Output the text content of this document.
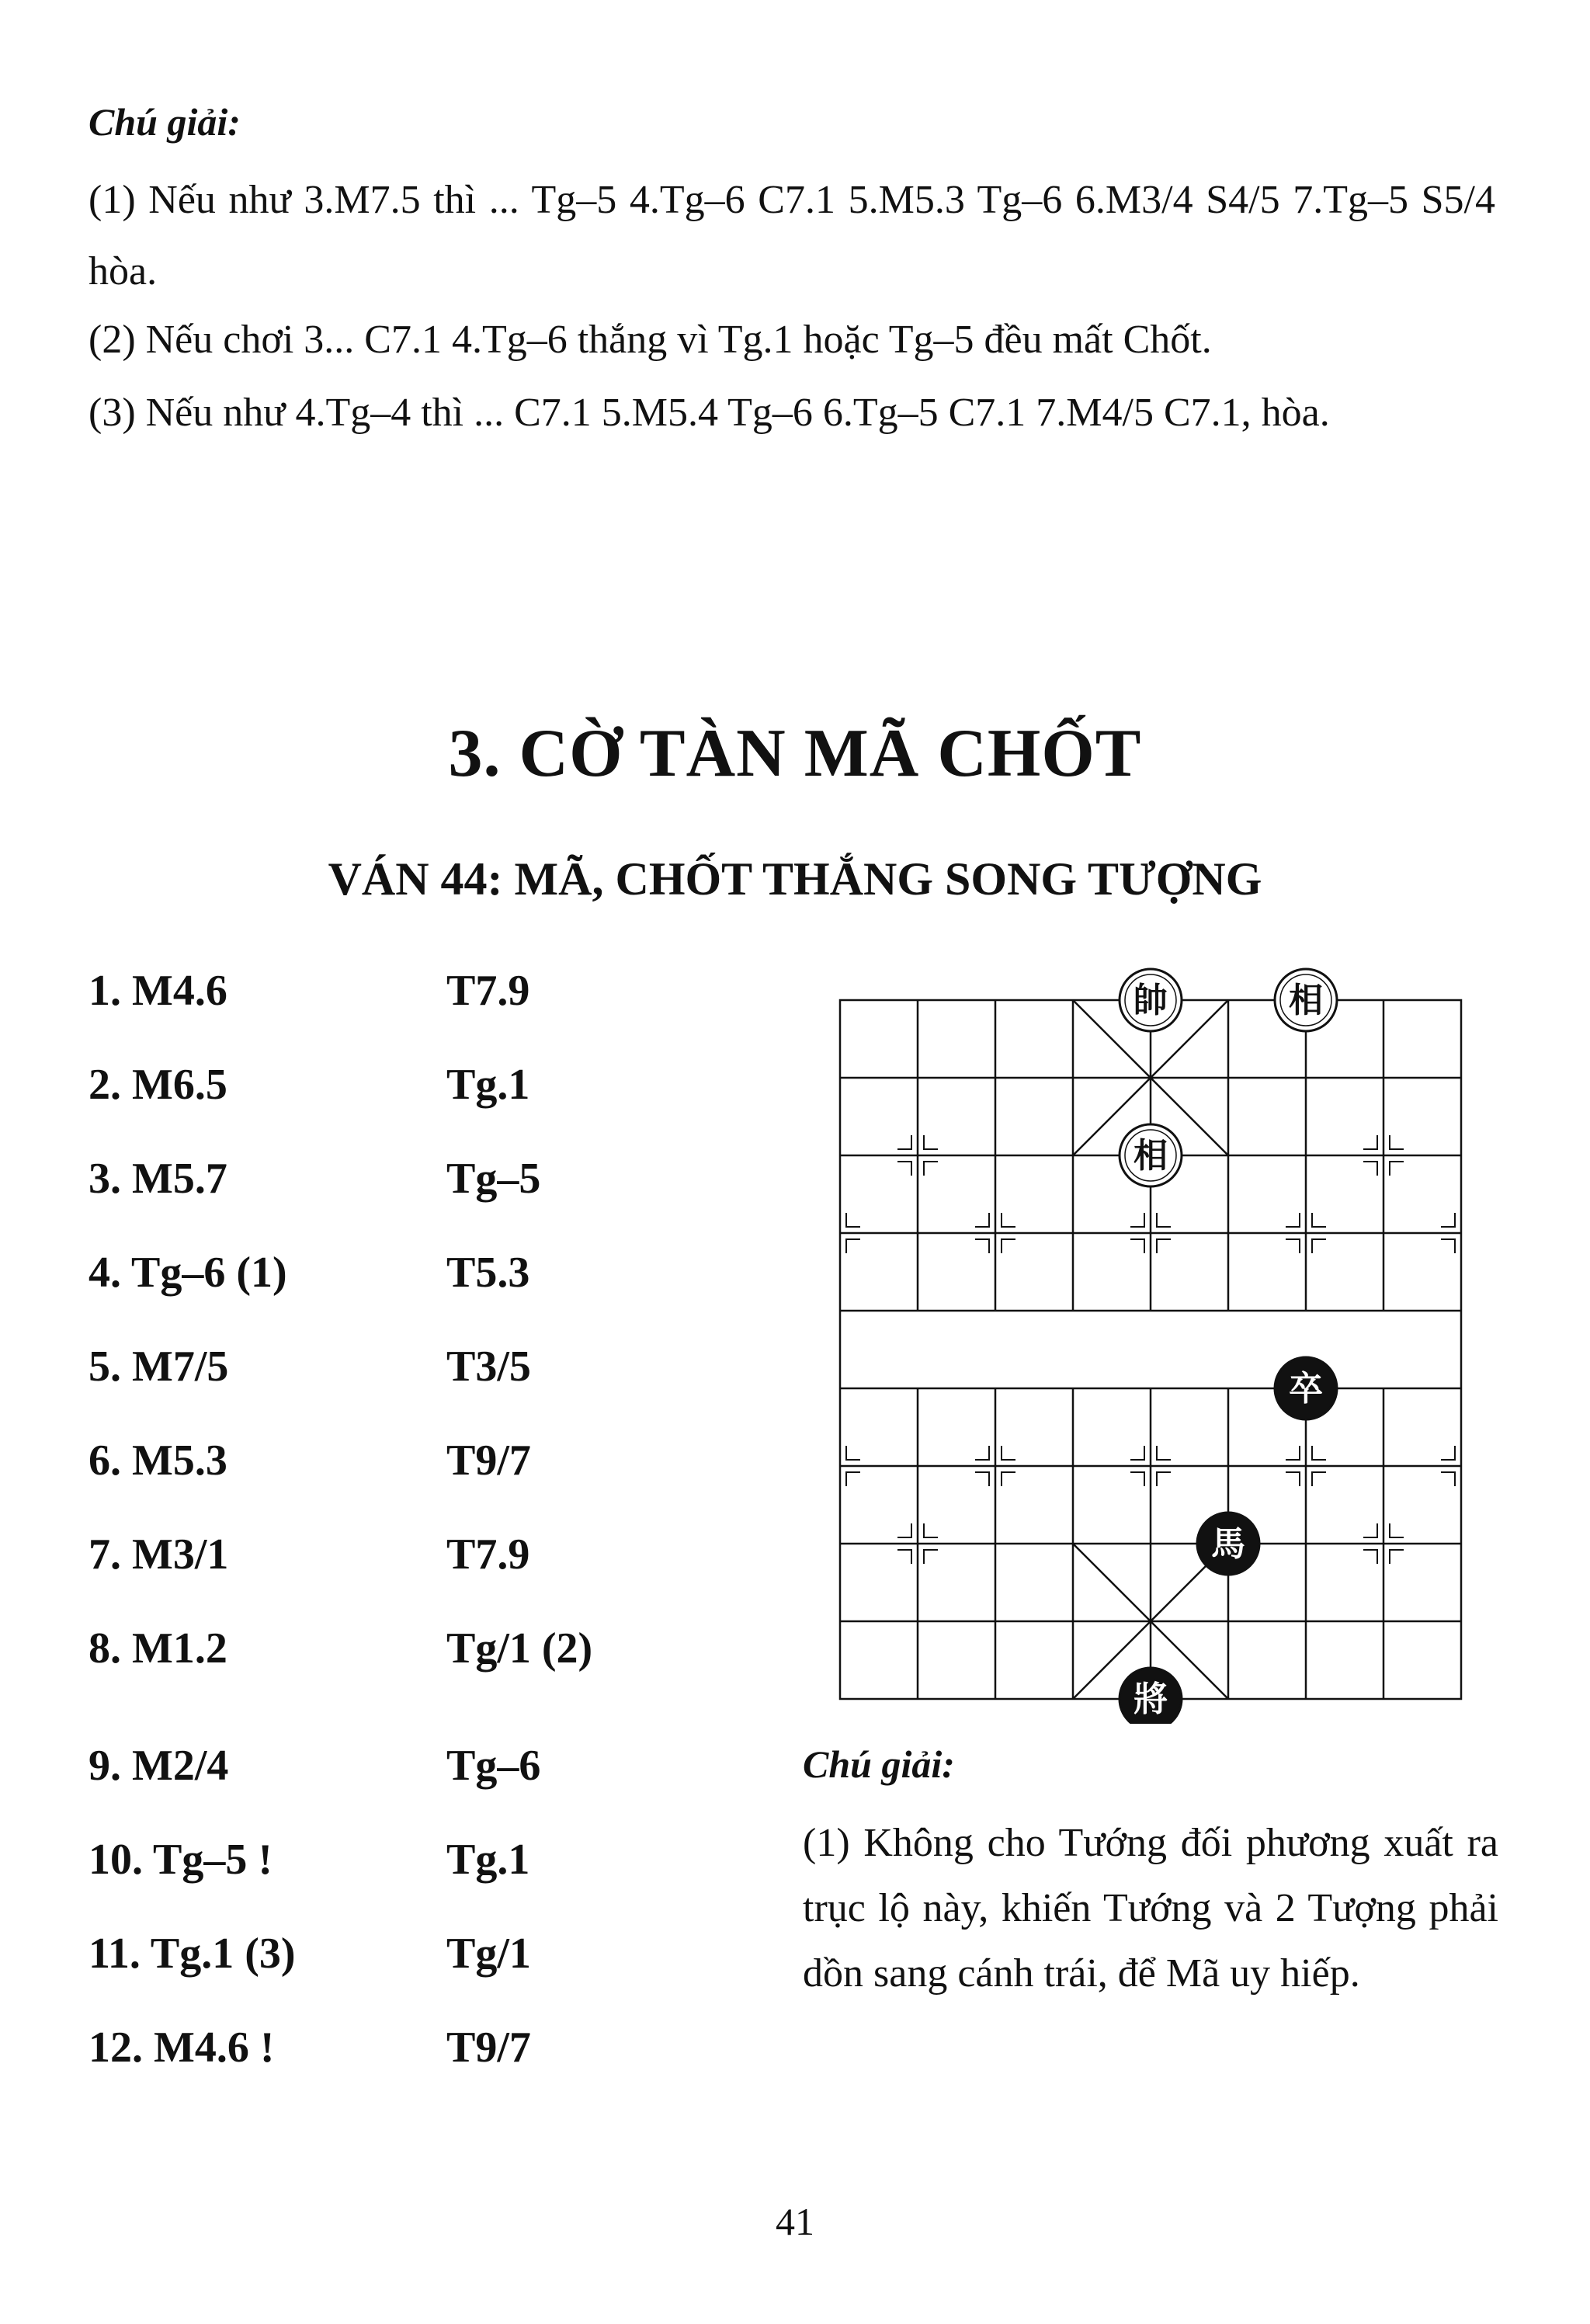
Chú giải:
(1) Nếu như 3.M7.5 thì ... Tg–5 4.Tg–6 C7.1 5.M5.3 Tg–6 6.M3/4 S4/5 7.Tg–5 S5/4 hòa.
(2) Nếu chơi 3... C7.1 4.Tg–6 thắng vì Tg.1 hoặc Tg–5 đều mất Chốt.
(3) Nếu như 4.Tg–4 thì ... C7.1 5.M5.4 Tg–6 6.Tg–5 C7.1 7.M4/5 C7.1, hòa.
3. CỜ TÀN MÃ CHỐT
VÁN 44: MÃ, CHỐT THẮNG SONG TƯỢNG
1. M4.6	T7.9
2. M6.5	Tg.1
3. M5.7	Tg–5
4. Tg–6 (1)	T5.3
5. M7/5	T3/5
6. M5.3	T9/7
7. M3/1	T7.9
8. M1.2	Tg/1 (2)
9. M2/4	Tg–6
10. Tg–5 !	Tg.1
11. Tg.1 (3)	Tg/1
12. M4.6 !	T9/7
帥	相
相
卒
馬
將
Chú giải:
(1) Không cho Tướng đối phương xuất ra trục lộ này, khiến Tướng và 2 Tượng phải dồn sang cánh trái, để Mã uy hiếp.
41
